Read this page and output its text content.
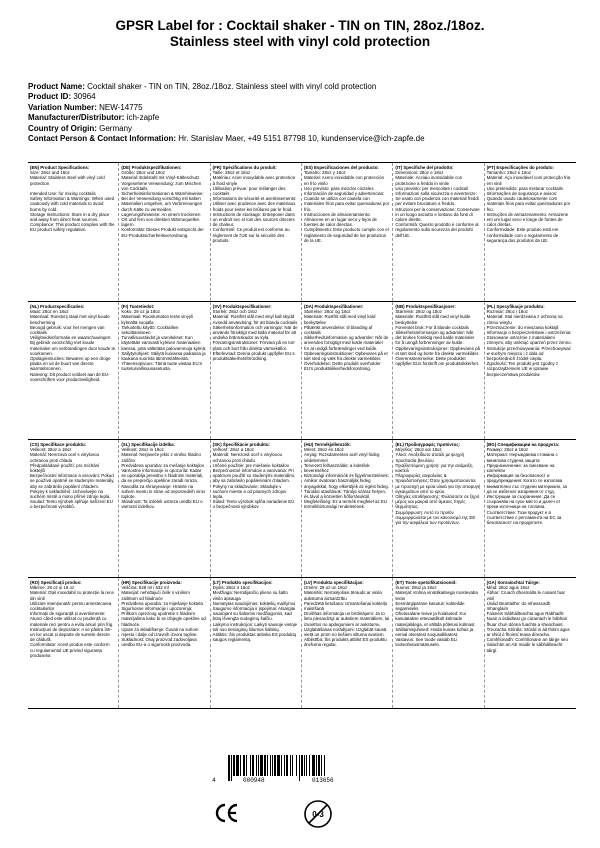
GPSR Label for : Cocktail shaker - TIN on TIN, 28oz./18oz.
Stainless steel with vinyl cold protection
Product Name: Cocktail shaker - TIN on TIN, 28oz./18oz. Stainless steel with vinyl cold protection
Product ID: 30964
Variation Number: NEW-14775
Manufacturer/Distributor: ich-zapfe
Country of Origin: Germany
Contact Person & Contact Information: Hr. Stanislav Maer, +49 5151 87798 10, kundenservice@ich-zapfe.de
(EN) Product Specifications:

Size: 28oz and 18oz
Material: Stainless steel with vinyl cold protection

Intended Use: for mixing cocktails
Safety Information & Warnings: When used cautiously with cold materials to avoid burns by cold.
Storage Instructions: Store in a dry place and away from direct heat sources.
Compliance: This product complies with the EU product safety regulation.

(DE) Produktspezifikationen:

Größe: 28oz und 18oz
Material: Edelstahl mit Vinyl-Kälteschutz
Vorgesehene Verwendung: zum Mischen von Cocktails
Sicherheitsinformationen & Warnhinweise: Bei der Verwendung vorsichtig mit kalten Materialien umgehen, um Verbrennungen durch Kälte zu vermeiden.
Lagerungshinweise: An einem trockenen Ort und fern von direkten Wärmequellen lagern.
Konformität: Dieses Produkt entspricht der EU-Produktsicherheitsverordnung.

(FR) Spécifications du produit:

Taille: 28oz et 18oz
Matériau: Acier inoxydable avec protection à froid vinyle
Utilisation prévue: pour mélanger des cocktails
Informations de sécurité et avertissements: Utiliser avec prudence avec des matériaux froids pour éviter les brûlures par le froid.
Instructions de stockage: Entreposer dans un endroit sec et loin des sources directes de chaleur.
Conformité: Ce produit est conforme au règlement de l'UE sur la sécurité des produits.

(ES) Especificaciones del producto:

Tamaño: 28oz y 18oz
Material: Acero inoxidable con protección en frío vinilo
Uso previsto: para mezclar cócteles
Información de seguridad y advertencias: Cuando se utiliza con cautela con materiales fríos para evitar quemaduras por frío.
Instrucciones de almacenamiento: Almacene en un lugar seco y lejos de fuentes de calor directas.
Cumplimiento: Este producto cumple con el reglamento de seguridad de los productos de la UE.

(IT) Specifiche del prodotto:

Dimensioni: 28oz e 18oz
Materiale: Acciaio inossidabile con protezione a freddo in vinile
Uso previsto: per mescolare i cocktail
Informazioni sulla sicurezza e avvertenze: Se usato con prudenza con materiali freddi per evitare bruciature a freddo.
Istruzioni per la conservazione: Conservare in un luogo asciutto e lontano da fonti di calore dirette.
Conformità: Questo prodotto è conforme al regolamento sulla sicurezza dei prodotti dell'UE.

(PT) Especificações do produto:

Tamanho: 28oz e 18oz
Material: Aço inoxidável com protecção fria em vinil
Uso pretendido: para misturar cocktails
Informações de segurança e avisos: Quando usado cautelosamente com materiais frios para evitar queimaduras por frio.
Instruções de armazenamento: Armazene em um lugar seco e longe de fontes de calor diretas.
Conformidade: Este produto está em conformidade com o regulamento de segurança dos produtos da UE.

(NL) Productspecificaties:

Maat: 28oz en 18oz
Materiaal: Roestvrij staal met vinyl koude bescherming
Beoogd gebruik: voor het mengen van cocktails
Veiligheidsinformatie en waarschuwingen: Bij gebruik voorzichtig met koude materialen om verbrandingen door koude te voorkomen.
Opslaginstructies: Bewaren op een droge plaats en uit de buurt van directe warmtebronnen.
Naleving: Dit product voldoet aan de EU-voorschriften voor productveiligheid.

(FI) Tuotetiedot:

Koko: 28 oz ja 18oz
Materiaali: Ruostumaton teräs vinyyli kylmältä suojalla
Tarkoitettu käyttö: Cocktailien sekoittamiseen
Turvallisuustiedot ja varoitukset: Kun käytetään varovasti kylmien materiaalien kanssa, jotta vältetään palovammoja kylmä.
Säilytysohjeet: Säilytä kuivassa paikassa ja kaukana suorista lämmönlähteistä.
Yhteensopivuus: Tämä tuote vastaa EU:n tuoteturvallisuusasetusta.

(SV) Produktspecifikationer:

Storlek: 28oz och 18oz
Material: Rostfritt stål med vinyl kall skydd
Avsedd användning: för att blanda cocktails
Säkerhetsinformation och varningar: När de används försiktigt med kalla material för att undvika brännskador av kyla.
Förvaringsinstruktioner: Förvara på en torr plats och bort från direkta värmekällor.
Efterlevnad: Denna produkt uppfyller EU:s produktsäkerhetsförordning.

(DA) Produktspecifikationer:

Størrelse: 28oz og 18oz
Materiale: Rustfrit stål med vinyl kold beskyttelse
Påtænkt anvendelse: til blanding af cocktails
Sikkerhedsinformation og advarsler: Når de anvendes forsigtigt med kolde materialer for at undgå forbrændinger ved kulde.
Opbevaringsinstruktioner: Opbevares på et tørt sted og væk fra direkte varmekilder.
Overholdelse: Dette produkt overholder EU's produktsikkerhedsforordning.

(NB) Produktspesifikasjoner:

Størrelse: 28oz og 18oz
Materiale: Rustfritt stål med vinyl kulde beskyttelse
Forventet bruk: For å blande cocktails
Sikkerhetsinformasjon og advarsler: Når det brukes forsiktig med kalde materialer for å unngå forbrenninger av kulde.
Oppbevaringsinstruksjoner: Oppbevares på et tørt sted og borte fra direkte varmekilder.
Overensstemmelse: Dette produktet oppfyller EUs forskrift om produktsikkerhet.

(PL) Specyfikacje produktu:

Rozmiar: 28oz i 18oz
Materiał: Stal nierdzewna z ochroną na zimno winylu
Przeznaczenie: do mieszania koktajli
Informacje o bezpieczeństwie i ostrzeżenia: Stosowane ostrożnie z materiałami zimnymi, aby uniknąć oparzeń przez zimno.
Instrukcje przechowywania: Przechowywać w suchym miejscu i z dala od bezpośrednich źródeł ciepła.
Zgodność: Ten produkt jest zgodny z rozporządzeniem UE w sprawie bezpieczeństwa produktów.

(CS) Specifikace produktu:

Velikost: 28oz a 18oz
Materiál: Nerezová ocel s vinylovou ochranou proti chladu
Předpokládané použití: pro míchání koktejlů
Bezpečnostní informace a varování: Pokud se používá opatrně se studenými materiály, aby se zabránilo popálení chladem.
Pokyny k uskladnění: Uchovávejte na suchém místě a mimo přímé zdroje tepla.
Soulad: Tento výrobek splňuje nařízení EU o bezpečnosti výrobků.

(SL) Specifikacije izdelka:

Velikost: 28oz in 18oz
Material: Nerjaveče jeklo z vinilno hladno zaščito
Predvidena uporaba: za mešanje koktajlov
Varnostne informacije in opozorila: Kadar se uporablja previdno s hladnimi materiali, da se preprečijo opekline zaradi mraza.
Navodila za shranjevanje: Hranite na suhem mestu in stran od neposrednih virov toplote.
Skladnost: Ta izdelek ustreza uredbi EU o varnosti izdelkov.

(SK) Špecifikácie produktu:

Veľkosť: 28oz a 18oz
Materiál: Nerezová oceľ s vinylovou ochranou proti chladu
Určené použitie: pre miešanie koktailov
Bezpečnostné informácie a varovania: Pri opatrnom použití so studenými materiálmi, aby sa zabránilo popáleninám chladom.
Pokyny na skladovanie: Skladujte v suchom mieste a od priamych zdrojov tepla.
Súlad: Tento výrobok spĺňa nariadenie EÚ o bezpečnosti výrobkov.

(HU) Termékjellemzők:

Méret: 28oz és 18oz
Anyag: Rozsdamentes acél vinyl hideg védelemmel
Tervezett felhasználás: a koktélok keveréséhez
Biztonsági információk és figyelmeztetések: Amikor óvatosan használják hideg anyagokkal, hogy elkerüljék az égést hideg.
Tárolási utasítások: Tárolja száraz helyen, és távol a közvetlen hőforrásoktól.
Megfelelőség: Ez a termék megfelel az EU termékbiztonsági rendeletének.

(EL) Προδιαγραφές προϊόντος:

Μέγεθος: 28oz και 18oz
Υλικό: Ανοξείδωτο ατσάλι με ψυχρή προστασία βινυλίου
Προβλεπόμενη χρήση: για την ανάμειξη κοκτέιλ
Πληροφορίες ασφαλείας & προειδοποιήσεις: Όταν χρησιμοποιούνται με προσοχή με κρύα υλικά για την αποφυγή εγκαυμάτων από το κρύο.
Οδηγίες αποθήκευσης: Φυλάσσετε σε ξηρό μέρος και μακριά από άμεσες πηγές θερμότητας.
Συμμόρφωση: Αυτό το προϊόν συμμορφώνεται με τον κανονισμό της ΕΕ για την ασφάλεια των προϊόντων.

(BG) Спецификации на продукта:

Размер: 28oz и 18oz
Материал: Неръждаема стомана с винилова студена защита
Предназначение: за смесване на коктейли
Информация за безопасност и предупреждения: Когато се използва внимателно със студени материали, за да се избегнат изгаряния от студ.
Инструкции за съхранение: Да се съхранява на сухо място и далеч от преки източници на топлина.
Съответствие: Този продукт е в съответствие с регламента на ЕС за безопасност на продуктите.

(RO) Specificații produs:

Mărime: 28 oz și 18 oz
Material: Oțel inoxidabil cu protecție la rece din vinil
Utilizare intenționată: pentru amestecarea cocktailurilor
Informații de siguranță și avertismente: Atunci când este utilizat cu prudență cu materiale reci pentru a evita arsuri prin frig.
Instrucțiuni de depozitare: A se păstra într-un loc uscat și departe de sursele directe de căldură.
Conformitate: Acest produs este conform cu regulamentul UE privind siguranța produselor.

(HR) Specifikacije proizvoda:

Veličina: 828 ml i 532 ml
Materijal: nehrđajući čelik s vinilnim zaštitom od hladnoće
Predviđena uporaba: za miješanje koktela
Sigurnosne informacije i upozorenja: Prilikom opreznog upotrebe s hladnim materijalima kako bi se izbjegle opekline od hladnoće.
Upute za skladištenje: Čuvati na suhom mjestu i dalje od izravnih izvora topline.
Sukladnost: Ovaj proizvod zadovoljava uredbu EU-a o sigurnosti proizvoda.

(LT) Produkto specifikacijos:

Dydis: 28oz ir 18oz
Medžiaga: Nerūdijančio plieno su šalto vinilo apsauga
Numatytas naudojimas: kokteilių maišymui
Saugumo informacija ir įspėjimai: Atsargiai naudojant su šaltomis medžiagomis, kad būtų išvengta nudegimų šalčiu.
Laikymo instrukcijos: Laikyti sausoje vietoje toli nuo tiesioginių šilumos šaltinių.
Atitiktis: Šis produktas atitinka ES produktų saugos reglamentą.

(LV) Produkta specifikācijas:

Izmērs: 28 oz un 18oz
Materiāls: Nerūsējošais tērauds ar vinila aukstuma aizsardzību
Paredzētā lietošana: izmantošanai kokteiļu maisīšanā
Drošības informācija un brīdinājumi: Ja to lieto piesardzīgi ar aukstiem materiāliem, lai izvairītos no apdegumiem ar aukstumu.
Uzglabāšanas norādījumi: Uzglabāt sausā vietā un prom no tiešiem siltuma avotiem.
Atbilstība: Šis produkts atbilst ES produktu drošuma regulai.

(ET) Toote spetsifikatsioonid:

Suurus: 28oz ja 18oz
Materjal: Külma vinüülkaitsega roostevaba teras
Eesmärgipärane kasutus: kokteilide segamiseks
Ohutusalane teave ja hoiatused: Kui kasutatakse ettevaatlikult külmade materjalidega, et vältida põletusi külmast.
Säilitamisjuhised: Hoida kuivas kohas ja eemal otsestest soojusallikatest.
Vastavus: See toode vastab ELi tooteohutusmäärusele.

(GA) Sonraíochtaí Táirge:

Méid: 28oz agus 18oz
Ábhar: Cruach dhosmálta le cosaint fuar vinil
Úsáid Beartaithe: do mheascadh mhanglaim
Faisnéis Sábháilteachta agus Rabhadh: Nuair a úsáidtear go cúramach le hábhair fhuar chun dónna fuachta a sheachaint.
Treoracha Stórála: Stóráil in áit thirim agus ar shiúl ó fhoinsí teasa díreacha.
Comhlíonadh: Comhlíonann an táirge seo rialachán an AE maidir le sábháilteacht táirgí.

4	000948	013656
0-3
